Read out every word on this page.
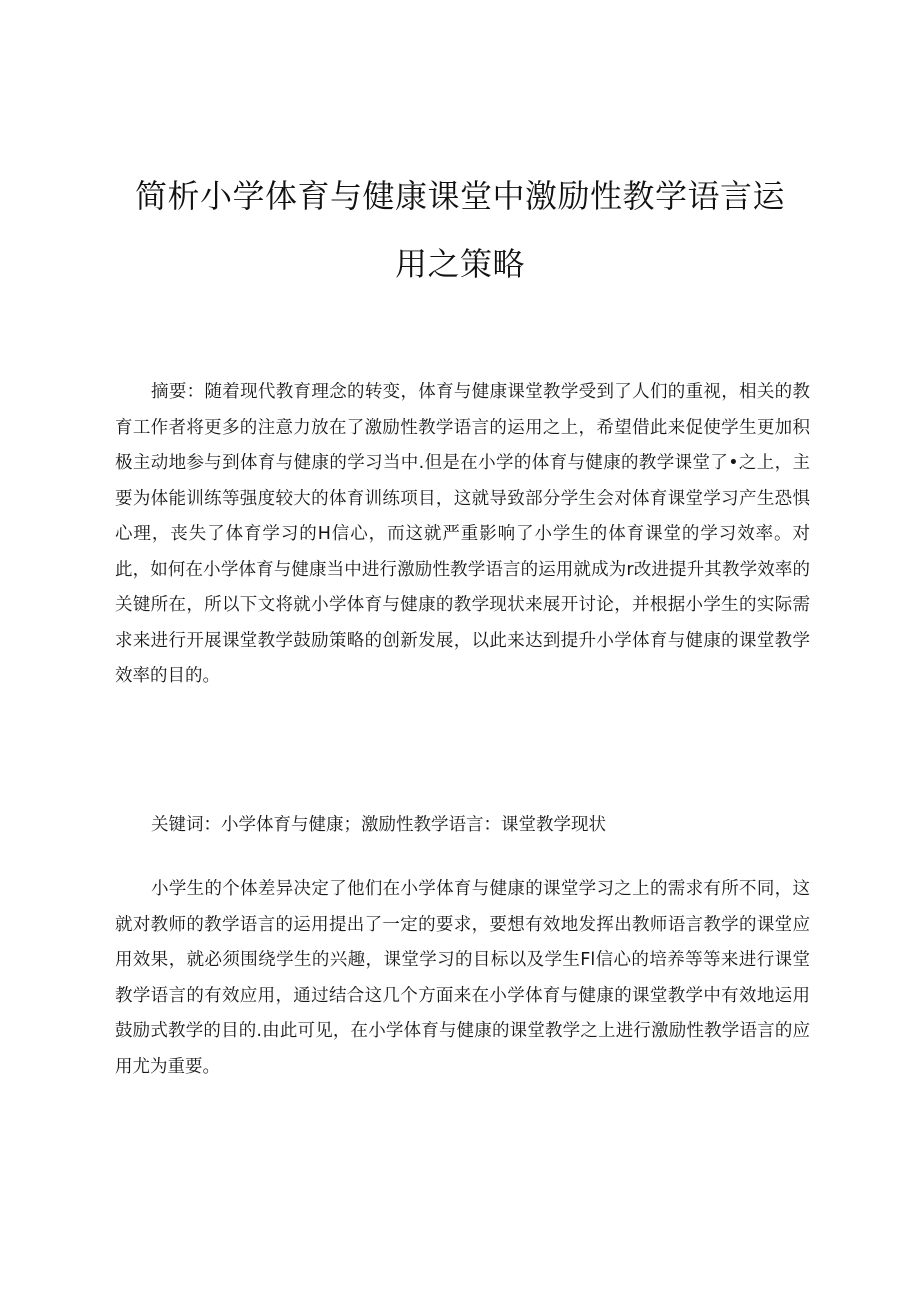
简析小学体育与健康课堂中激励性教学语言运
用之策略

摘要：随着现代教育理念的转变，体育与健康课堂教学受到了人们的重视，相关的教育工作者将更多的注意力放在了激励性教学语言的运用之上，希望借此来促使学生更加积极主动地参与到体育与健康的学习当中.但是在小学的体育与健康的教学课堂了•之上，主要为体能训练等强度较大的体育训练项目，这就导致部分学生会对体育课堂学习产生恐惧心理，丧失了体育学习的H信心，而这就严重影响了小学生的体育课堂的学习效率。对此，如何在小学体育与健康当中进行激励性教学语言的运用就成为r改进提升其教学效率的关键所在，所以下文将就小学体育与健康的教学现状来展开讨论，并根据小学生的实际需求来进行开展课堂教学鼓励策略的创新发展，以此来达到提升小学体育与健康的课堂教学效率的目的。

关键词：小学体育与健康；激励性教学语言：课堂教学现状

小学生的个体差异决定了他们在小学体育与健康的课堂学习之上的需求有所不同，这就对教师的教学语言的运用提出了一定的要求，要想有效地发挥出教师语言教学的课堂应用效果，就必须围绕学生的兴趣，课堂学习的目标以及学生Fl信心的培养等等来进行课堂教学语言的有效应用，通过结合这几个方面来在小学体育与健康的课堂教学中有效地运用鼓励式教学的目的.由此可见，在小学体育与健康的课堂教学之上进行激励性教学语言的应用尤为重要。
